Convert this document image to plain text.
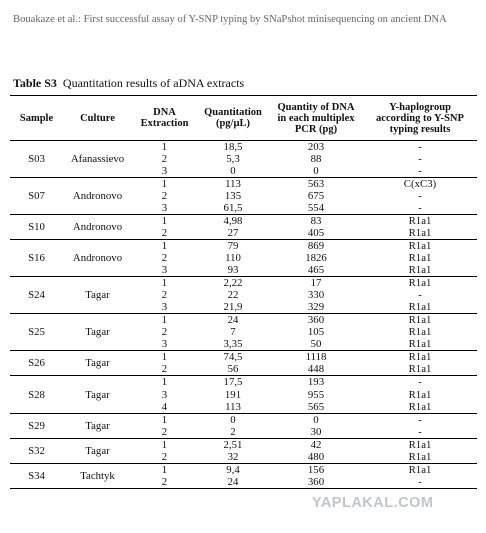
Bouakaze et al.: First successful assay of Y-SNP typing by SNaPshot minisequencing on ancient DNA
Table S3 Quantitation results of aDNA extracts
Sample	Culture	DNA Extraction	Quantitation (pg/µL)	Quantity of DNA in each multiplex PCR (pg)	Y-haplogroup according to Y-SNP typing results
S03	Afanassievo	1	18,5	203	-
		2	5,3	88	-
		3	0	0	-
S07	Andronovo	1	113	563	C(xC3)
		2	135	675	-
		3	61,5	554	-
S10	Andronovo	1	4,98	83	R1a1
		2	27	405	R1a1
S16	Andronovo	1	79	869	R1a1
		2	110	1826	R1a1
		3	93	465	R1a1
S24	Tagar	1	2,22	17	R1a1
		2	22	330	-
		3	21,9	329	R1a1
S25	Tagar	1	24	360	R1a1
		2	7	105	R1a1
		3	3,35	50	R1a1
S26	Tagar	1	74,5	1118	R1a1
		2	56	448	R1a1
S28	Tagar	1	17,5	193	-
		3	191	955	R1a1
		4	113	565	R1a1
S29	Tagar	1	0	0	-
		2	2	30	-
S32	Tagar	1	2,51	42	R1a1
		2	32	480	R1a1
S34	Tachtyk	1	9,4	156	R1a1
		2	24	360	-
YAPLAKAL.COM
